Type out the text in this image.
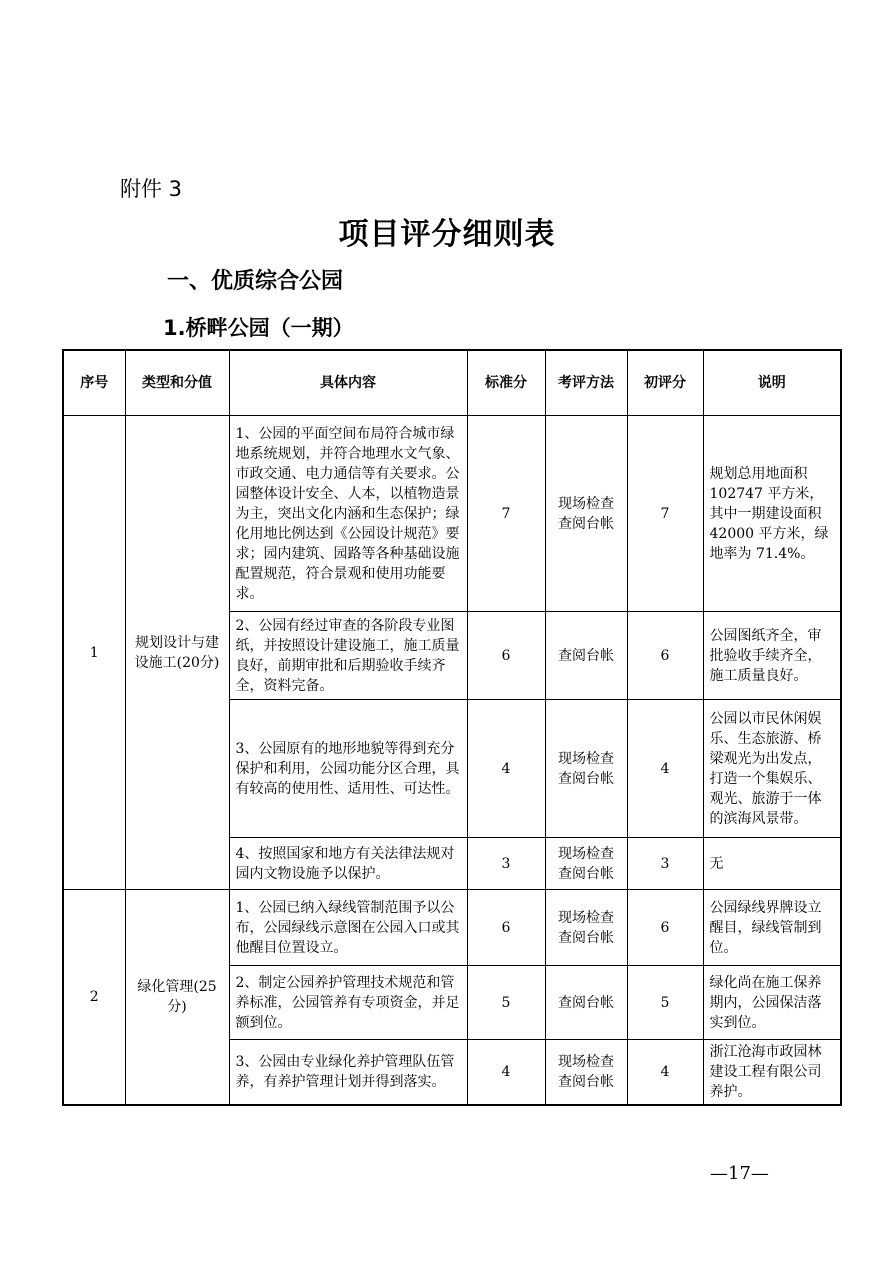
附件 3
项目评分细则表
一、优质综合公园
1.桥畔公园（一期）
序号	类型和分值	具体内容	标准分	考评方法	初评分	说明
1	规划设计与建设施工(20分)	1、公园的平面空间布局符合城市绿地系统规划，并符合地理水文气象、市政交通、电力通信等有关要求。公园整体设计安全、人本，以植物造景为主，突出文化内涵和生态保护；绿化用地比例达到《公园设计规范》要求；园内建筑、园路等各种基础设施配置规范，符合景观和使用功能要求。	7	现场检查查阅台帐	7	规划总用地面积 102747 平方米，其中一期建设面积 42000 平方米，绿地率为 71.4%。
		2、公园有经过审查的各阶段专业图纸，并按照设计建设施工，施工质量良好，前期审批和后期验收手续齐全，资料完备。	6	查阅台帐	6	公园图纸齐全，审批验收手续齐全，施工质量良好。
		3、公园原有的地形地貌等得到充分保护和利用，公园功能分区合理，具有较高的使用性、适用性、可达性。	4	现场检查查阅台帐	4	公园以市民休闲娱乐、生态旅游、桥梁观光为出发点，打造一个集娱乐、观光、旅游于一体的滨海风景带。
		4、按照国家和地方有关法律法规对园内文物设施予以保护。	3	现场检查查阅台帐	3	无
2	绿化管理(25分)	1、公园已纳入绿线管制范围予以公布，公园绿线示意图在公园入口或其他醒目位置设立。	6	现场检查查阅台帐	6	公园绿线界牌设立醒目，绿线管制到位。
		2、制定公园养护管理技术规范和管养标准，公园管养有专项资金，并足额到位。	5	查阅台帐	5	绿化尚在施工保养期内，公园保洁落实到位。
		3、公园由专业绿化养护管理队伍管养，有养护管理计划并得到落实。	4	现场检查查阅台帐	4	浙江沧海市政园林建设工程有限公司养护。
—17—
